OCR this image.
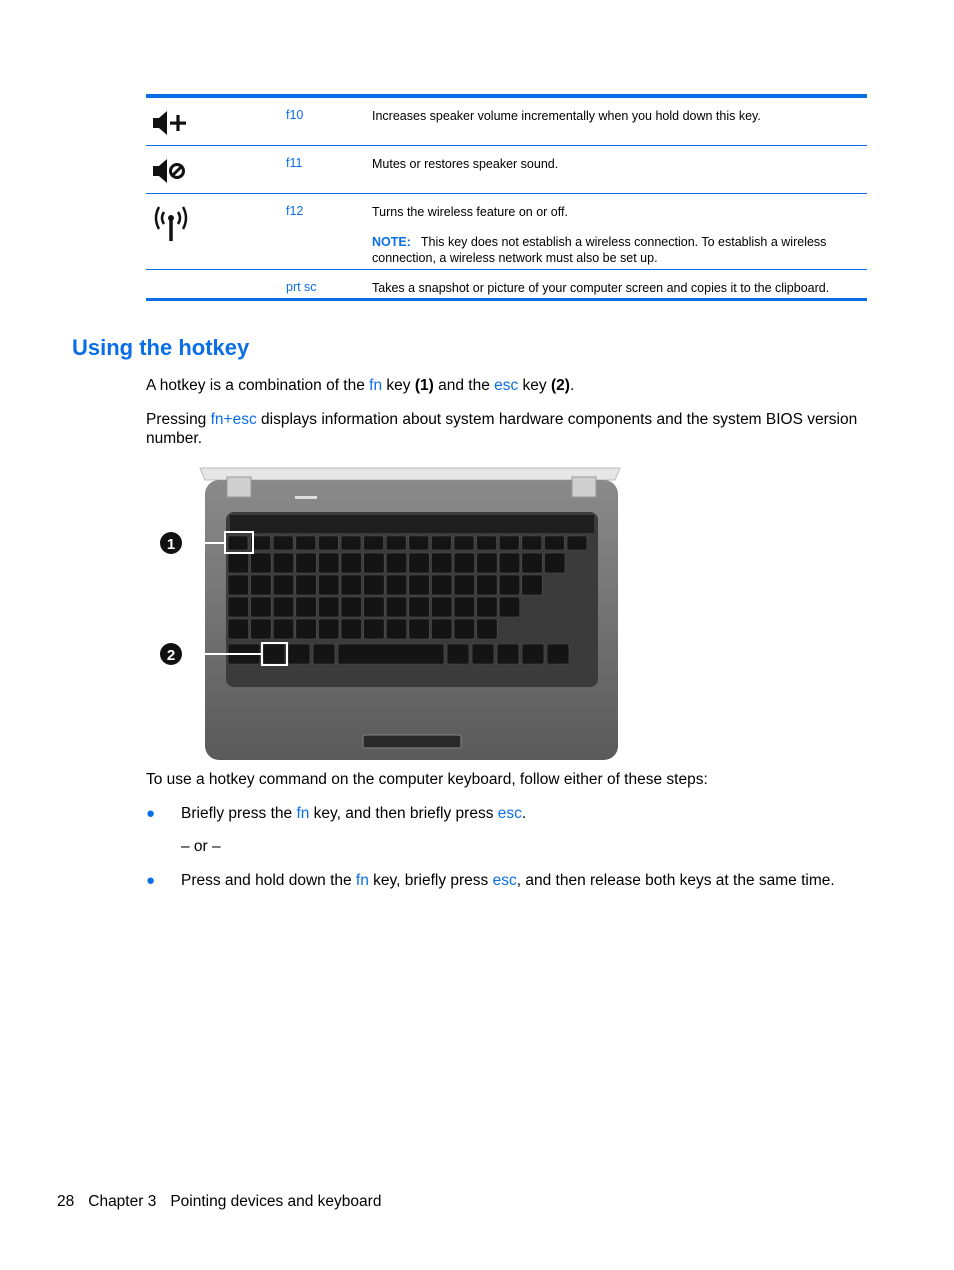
f10	Increases speaker volume incrementally when you hold down this key.

f11	Mutes or restores speaker sound.

f12	Turns the wireless feature on or off.

NOTE: This key does not establish a wireless connection. To establish a wireless connection, a wireless network must also be set up.

prt sc	Takes a snapshot or picture of your computer screen and copies it to the clipboard.

Using the hotkey

A hotkey is a combination of the fn key (1) and the esc key (2).

Pressing fn+esc displays information about system hardware components and the system BIOS version number.

1
2

To use a hotkey command on the computer keyboard, follow either of these steps:

● Briefly press the fn key, and then briefly press esc.

– or –

● Press and hold down the fn key, briefly press esc, and then release both keys at the same time.
28 Chapter 3 Pointing devices and keyboard
